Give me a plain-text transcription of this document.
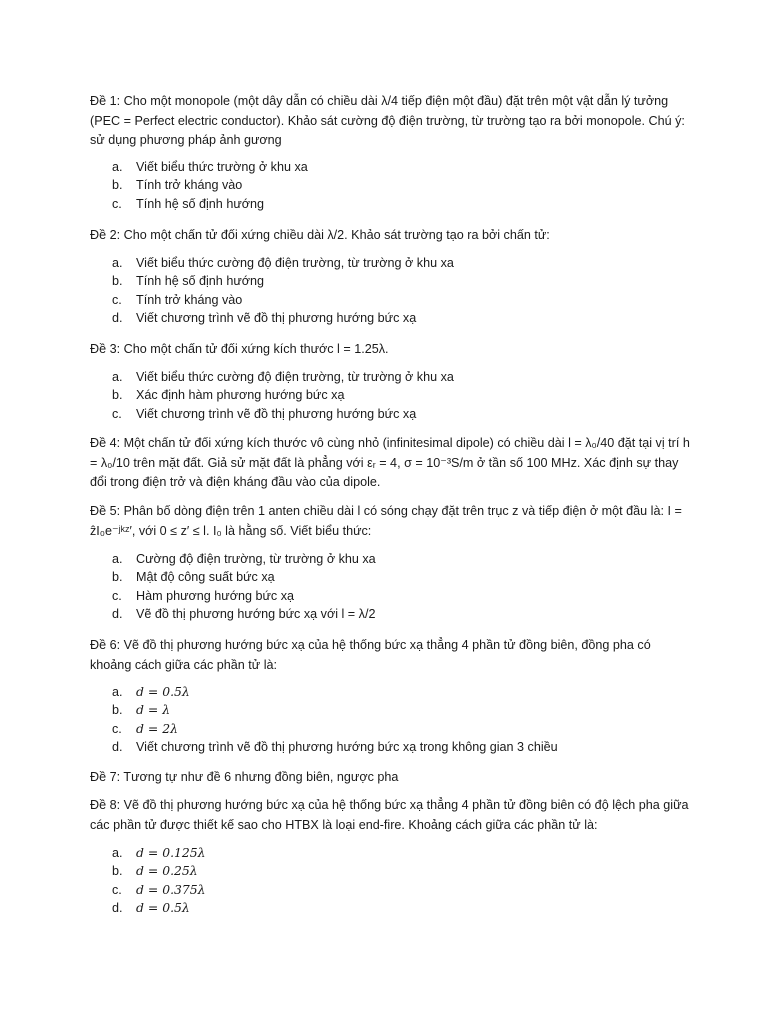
Đề 1: Cho một monopole (một dây dẫn có chiều dài λ/4 tiếp điện một đầu) đặt trên một vật dẫn lý tưởng (PEC = Perfect electric conductor). Khảo sát cường độ điện trường, từ trường tạo ra bởi monopole. Chú ý: sử dụng phương pháp ảnh gương

a. Viết biểu thức trường ở khu xa
b. Tính trở kháng vào
c. Tính hệ số định hướng

Đề 2: Cho một chấn tử đối xứng chiều dài λ/2. Khảo sát trường tạo ra bởi chấn tử:

a. Viết biểu thức cường độ điện trường, từ trường ở khu xa
b. Tính hệ số định hướng
c. Tính trở kháng vào
d. Viết chương trình vẽ đồ thị phương hướng bức xạ

Đề 3: Cho một chấn tử đối xứng kích thước l = 1.25λ.

a. Viết biểu thức cường độ điện trường, từ trường ở khu xa
b. Xác định hàm phương hướng bức xạ
c. Viết chương trình vẽ đồ thị phương hướng bức xạ

Đề 4: Một chấn tử đối xứng kích thước vô cùng nhỏ (infinitesimal dipole) có chiều dài l = λ₀/40 đặt tại vị trí h = λ₀/10 trên mặt đất. Giả sử mặt đất là phẳng với εᵣ = 4, σ = 10⁻³S/m ở tần số 100 MHz. Xác định sự thay đổi trong điện trở và điện kháng đầu vào của dipole.

Đề 5: Phân bố dòng điện trên 1 anten chiều dài l có sóng chạy đặt trên trục z và tiếp điện ở một đầu là: I = ẑI₀e⁻ʲᵏᶻ′, với 0 ≤ z′ ≤ l. I₀ là hằng số. Viết biểu thức:

a. Cường độ điện trường, từ trường ở khu xa
b. Mật độ công suất bức xạ
c. Hàm phương hướng bức xạ
d. Vẽ đồ thị phương hướng bức xạ với l = λ/2

Đề 6: Vẽ đồ thị phương hướng bức xạ của hệ thống bức xạ thẳng 4 phần tử đồng biên, đồng pha có khoảng cách giữa các phần tử là:

a. d = 0.5λ
b. d = λ
c. d = 2λ
d. Viết chương trình vẽ đồ thị phương hướng bức xạ trong không gian 3 chiều

Đề 7: Tương tự như đề 6 nhưng đồng biên, ngược pha

Đề 8: Vẽ đồ thị phương hướng bức xạ của hệ thống bức xạ thẳng 4 phần tử đồng biên có độ lệch pha giữa các phần tử được thiết kế sao cho HTBX là loại end-fire. Khoảng cách giữa các phần tử là:

a. d = 0.125λ
b. d = 0.25λ
c. d = 0.375λ
d. d = 0.5λ
